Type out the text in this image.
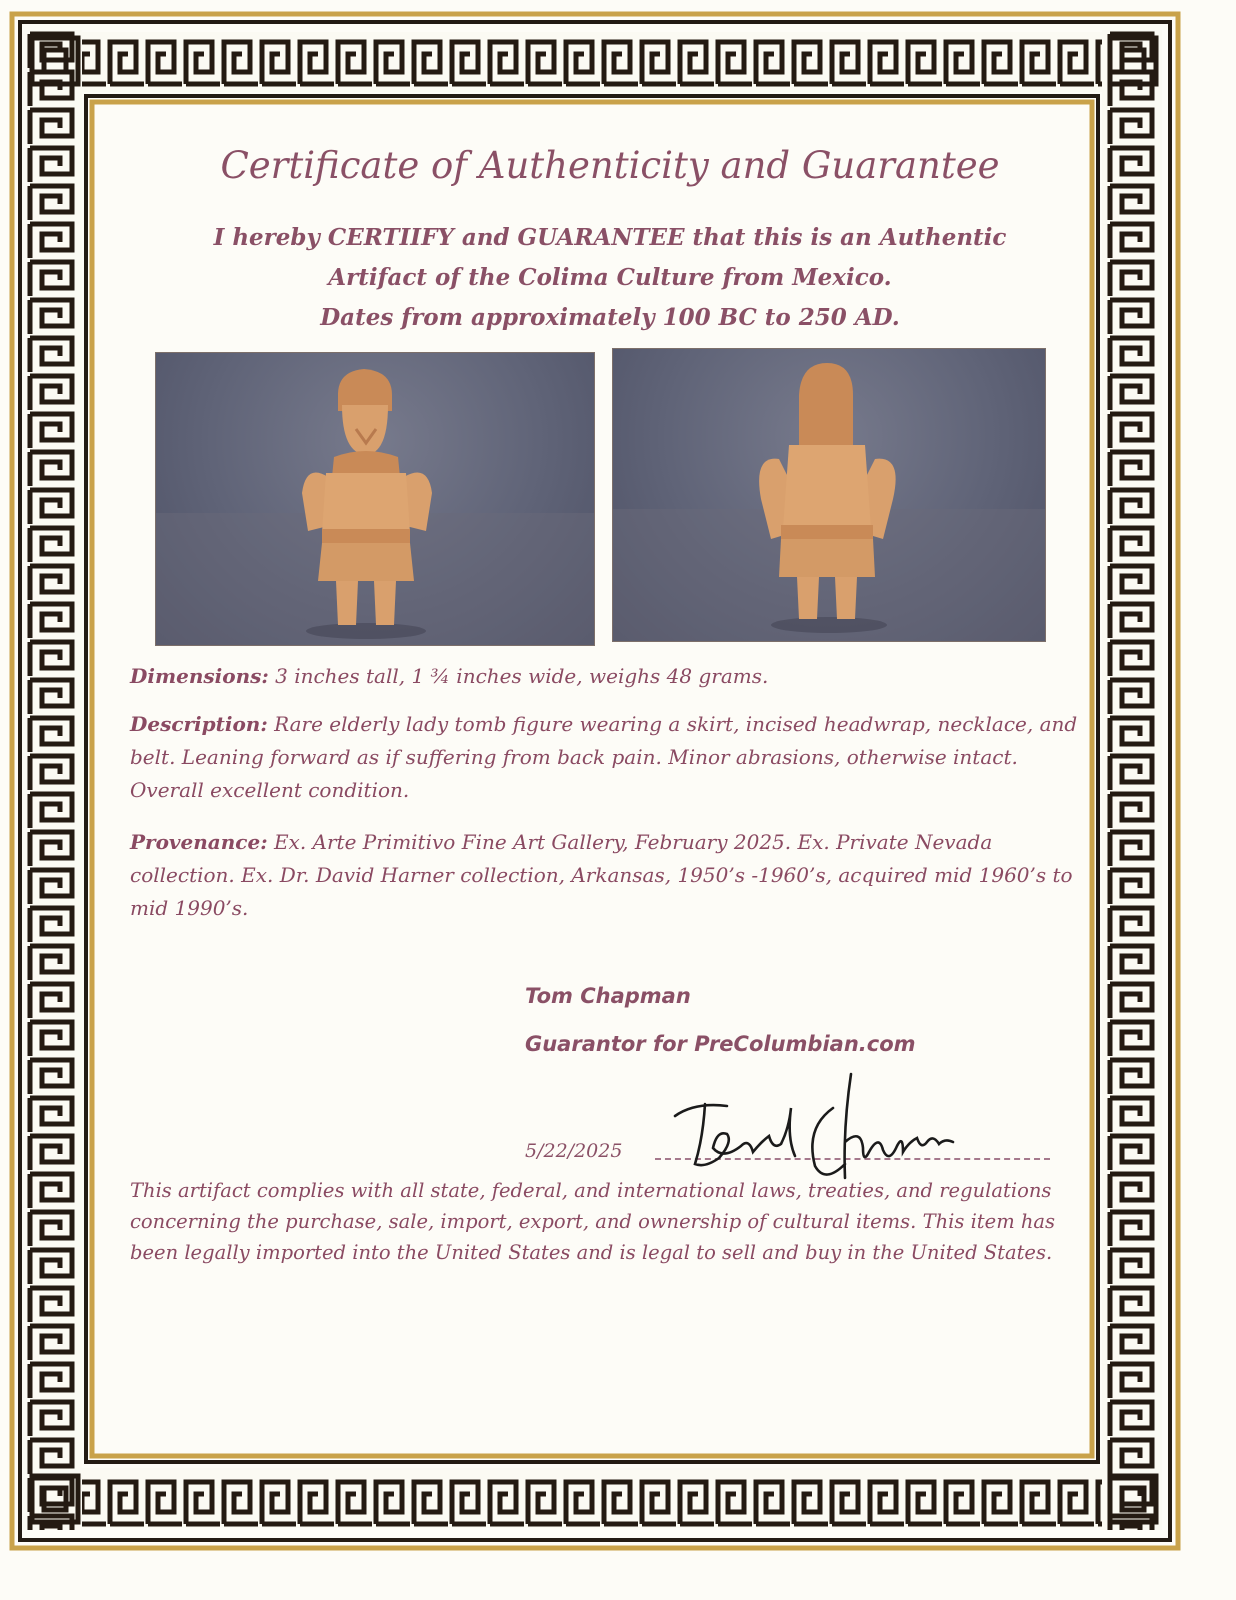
Certificate of Authenticity and Guarantee
I hereby CERTIIFY and GUARANTEE that this is an Authentic
Artifact of the Colima Culture from Mexico.
Dates from approximately 100 BC to 250 AD.
Dimensions: 3 inches tall, 1 ¾ inches wide, weighs 48 grams.
Description: Rare elderly lady tomb figure wearing a skirt, incised headwrap, necklace, and belt. Leaning forward as if suffering from back pain. Minor abrasions, otherwise intact. Overall excellent condition.
Provenance: Ex. Arte Primitivo Fine Art Gallery, February 2025. Ex. Private Nevada collection. Ex. Dr. David Harner collection, Arkansas, 1950’s -1960’s, acquired mid 1960’s to mid 1990’s.
Tom Chapman
Guarantor for PreColumbian.com
5/22/2025
This artifact complies with all state, federal, and international laws, treaties, and regulations concerning the purchase, sale, import, export, and ownership of cultural items. This item has been legally imported into the United States and is legal to sell and buy in the United States.
